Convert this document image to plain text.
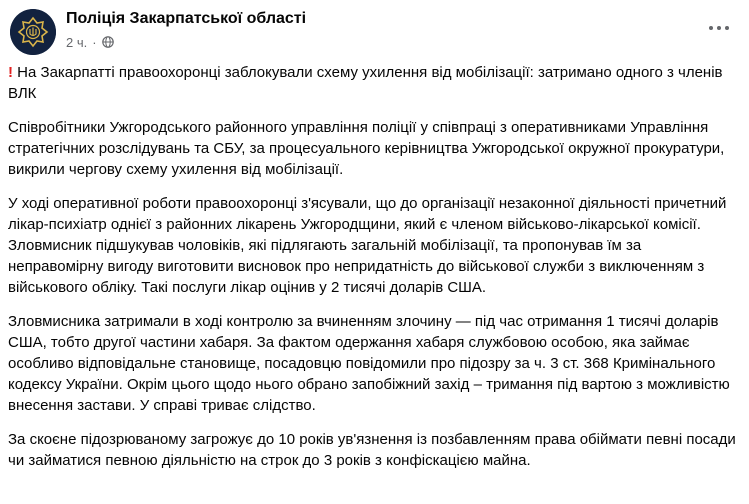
Поліція Закарпатської області
2 ч. ·

! На Закарпатті правоохоронці заблокували схему ухилення від мобілізації: затримано одного з членів ВЛК

Співробітники Ужгородського районного управління поліції у співпраці з оперативниками Управління стратегічних розслідувань та СБУ, за процесуального керівництва Ужгородської окружної прокуратури, викрили чергову схему ухилення від мобілізації.

У ході оперативної роботи правоохоронці з'ясували, що до організації незаконної діяльності причетний лікар-психіатр однієї з районних лікарень Ужгородщини, який є членом військово-лікарської комісії. Зловмисник підшукував чоловіків, які підлягають загальній мобілізації, та пропонував їм за неправомірну вигоду виготовити висновок про непридатність до військової служби з виключенням з військового обліку. Такі послуги лікар оцінив у 2 тисячі доларів США.

Зловмисника затримали в ході контролю за вчиненням злочину — під час отримання 1 тисячі доларів США, тобто другої частини хабаря. За фактом одержання хабаря службовою особою, яка займає особливо відповідальне становище, посадовцю повідомили про підозру за ч. 3 ст. 368 Кримінального кодексу України. Окрім цього щодо нього обрано запобіжний захід – тримання під вартою з можливістю внесення застави. У справі триває слідство.

За скоєне підозрюваному загрожує до 10 років ув'язнення із позбавленням права обіймати певні посади чи займатися певною діяльністю на строк до 3 років з конфіскацією майна.
